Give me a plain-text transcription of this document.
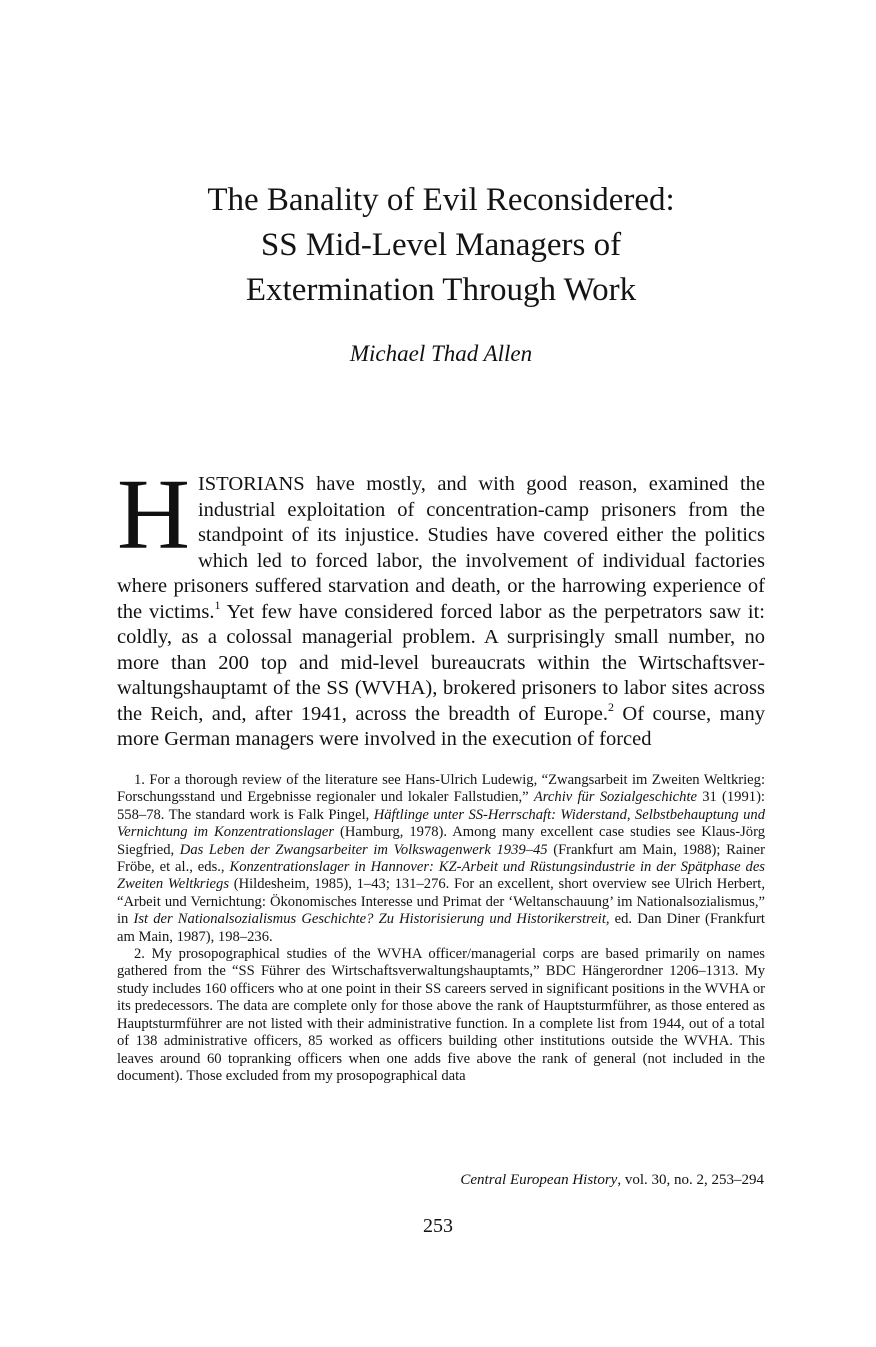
The Banality of Evil Reconsidered:
SS Mid-Level Managers of
Extermination Through Work
Michael Thad Allen
HISTORIANS have mostly, and with good reason, examined the industrial exploitation of concentration-camp prisoners from the standpoint of its injustice. Studies have covered either the politics which led to forced labor, the involvement of individual factories where prisoners suffered starvation and death, or the harrowing experience of the victims.$^1$ Yet few have considered forced labor as the perpetrators saw it: coldly, as a colossal managerial problem. A surprisingly small number, no more than 200 top and mid-level bureaucrats within the Wirtschaftsverwaltungshauptamt of the SS (WVHA), brokered prisoners to labor sites across the Reich, and, after 1941, across the breadth of Europe.$^2$ Of course, many more German managers were involved in the execution of forced

1. For a thorough review of the literature see Hans-Ulrich Ludewig, “Zwangsarbeit im Zweiten Weltkrieg: Forschungsstand und Ergebnisse regionaler und lokaler Fallstudien,” Archiv für Sozialgeschichte 31 (1991): 558–78. The standard work is Falk Pingel, Häftlinge unter SS-Herrschaft: Widerstand, Selbstbehauptung und Vernichtung im Konzentrationslager (Hamburg, 1978). Among many excellent case studies see Klaus-Jörg Siegfried, Das Leben der Zwangsarbeiter im Volkswagenwerk 1939–45 (Frankfurt am Main, 1988); Rainer Fröbe, et al., eds., Konzentrationslager in Hannover: KZ-Arbeit und Rüstungsindustrie in der Spätphase des Zweiten Weltkriegs (Hildesheim, 1985), 1–43; 131–276. For an excellent, short overview see Ulrich Herbert, “Arbeit und Vernichtung: Ökonomisches Interesse und Primat der ‘Weltanschauung’ im Nationalsozialismus,” in Ist der Nationalsozialismus Geschichte? Zu Historisierung und Historikerstreit, ed. Dan Diner (Frankfurt am Main, 1987), 198–236.

2. My prosopographical studies of the WVHA officer/managerial corps are based primarily on names gathered from the “SS Führer des Wirtschaftsverwaltungshauptamts,” BDC Hängerordner 1206–1313. My study includes 160 officers who at one point in their SS careers served in significant positions in the WVHA or its predecessors. The data are complete only for those above the rank of Hauptsturmführer, as those entered as Hauptsturmführer are not listed with their administrative function. In a complete list from 1944, out of a total of 138 administrative officers, 85 worked as officers building other institutions outside the WVHA. This leaves around 60 topranking officers when one adds five above the rank of general (not included in the document). Those excluded from my prosopographical data

Central European History, vol. 30, no. 2, 253–294
253
